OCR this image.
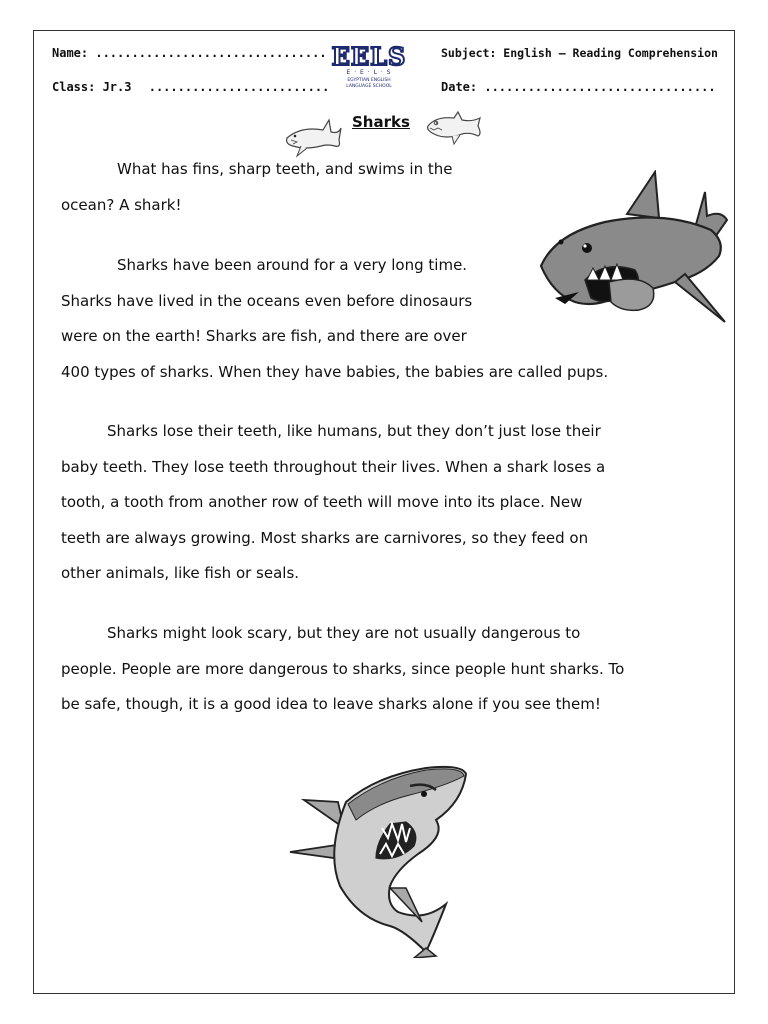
Name: ................................
Class: Jr.3 .........................
Subject: English – Reading Comprehension
Date: ................................
EELS
E · E · L · S
EGYPTIAN ENGLISH
LANGUAGE SCHOOL
Sharks
What has fins, sharp teeth, and swims in the
ocean? A shark!
Sharks have been around for a very long time.
Sharks have lived in the oceans even before dinosaurs
were on the earth! Sharks are fish, and there are over
400 types of sharks. When they have babies, the babies are called pups.
Sharks lose their teeth, like humans, but they don’t just lose their
baby teeth. They lose teeth throughout their lives. When a shark loses a
tooth, a tooth from another row of teeth will move into its place. New
teeth are always growing. Most sharks are carnivores, so they feed on
other animals, like fish or seals.
Sharks might look scary, but they are not usually dangerous to
people. People are more dangerous to sharks, since people hunt sharks. To
be safe, though, it is a good idea to leave sharks alone if you see them!
